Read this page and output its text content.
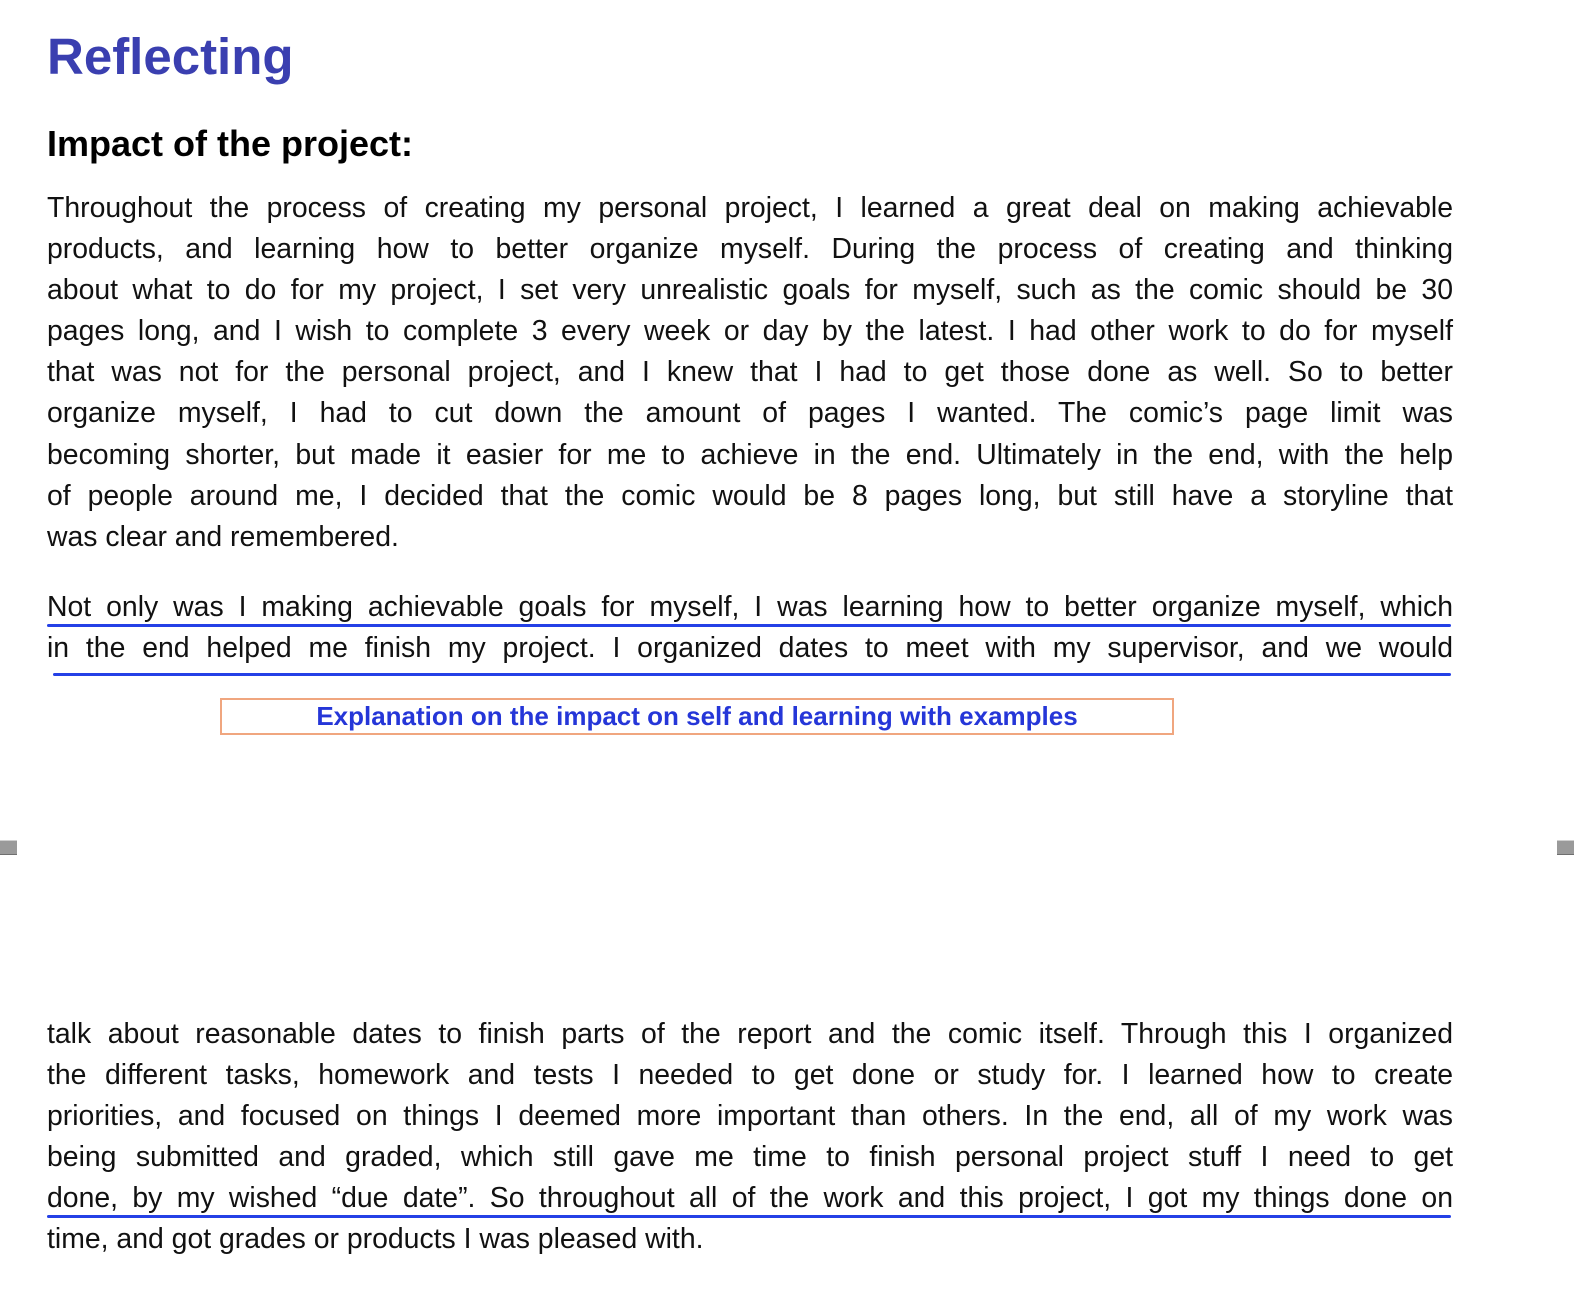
Reflecting
Impact of the project:
Throughout the process of creating my personal project, I learned a great deal on making achievable
products, and learning how to better organize myself. During the process of creating and thinking
about what to do for my project, I set very unrealistic goals for myself, such as the comic should be 30
pages long, and I wish to complete 3 every week or day by the latest. I had other work to do for myself
that was not for the personal project, and I knew that I had to get those done as well. So to better
organize myself, I had to cut down the amount of pages I wanted. The comic’s page limit was
becoming shorter, but made it easier for me to achieve in the end. Ultimately in the end, with the help
of people around me, I decided that the comic would be 8 pages long, but still have a storyline that
was clear and remembered.
Not only was I making achievable goals for myself, I was learning how to better organize myself, which
in the end helped me finish my project. I organized dates to meet with my supervisor, and we would
Explanation on the impact on self and learning with examples
talk about reasonable dates to finish parts of the report and the comic itself. Through this I organized
the different tasks, homework and tests I needed to get done or study for. I learned how to create
priorities, and focused on things I deemed more important than others. In the end, all of my work was
being submitted and graded, which still gave me time to finish personal project stuff I need to get
done, by my wished “due date”. So throughout all of the work and this project, I got my things done on
time, and got grades or products I was pleased with.
